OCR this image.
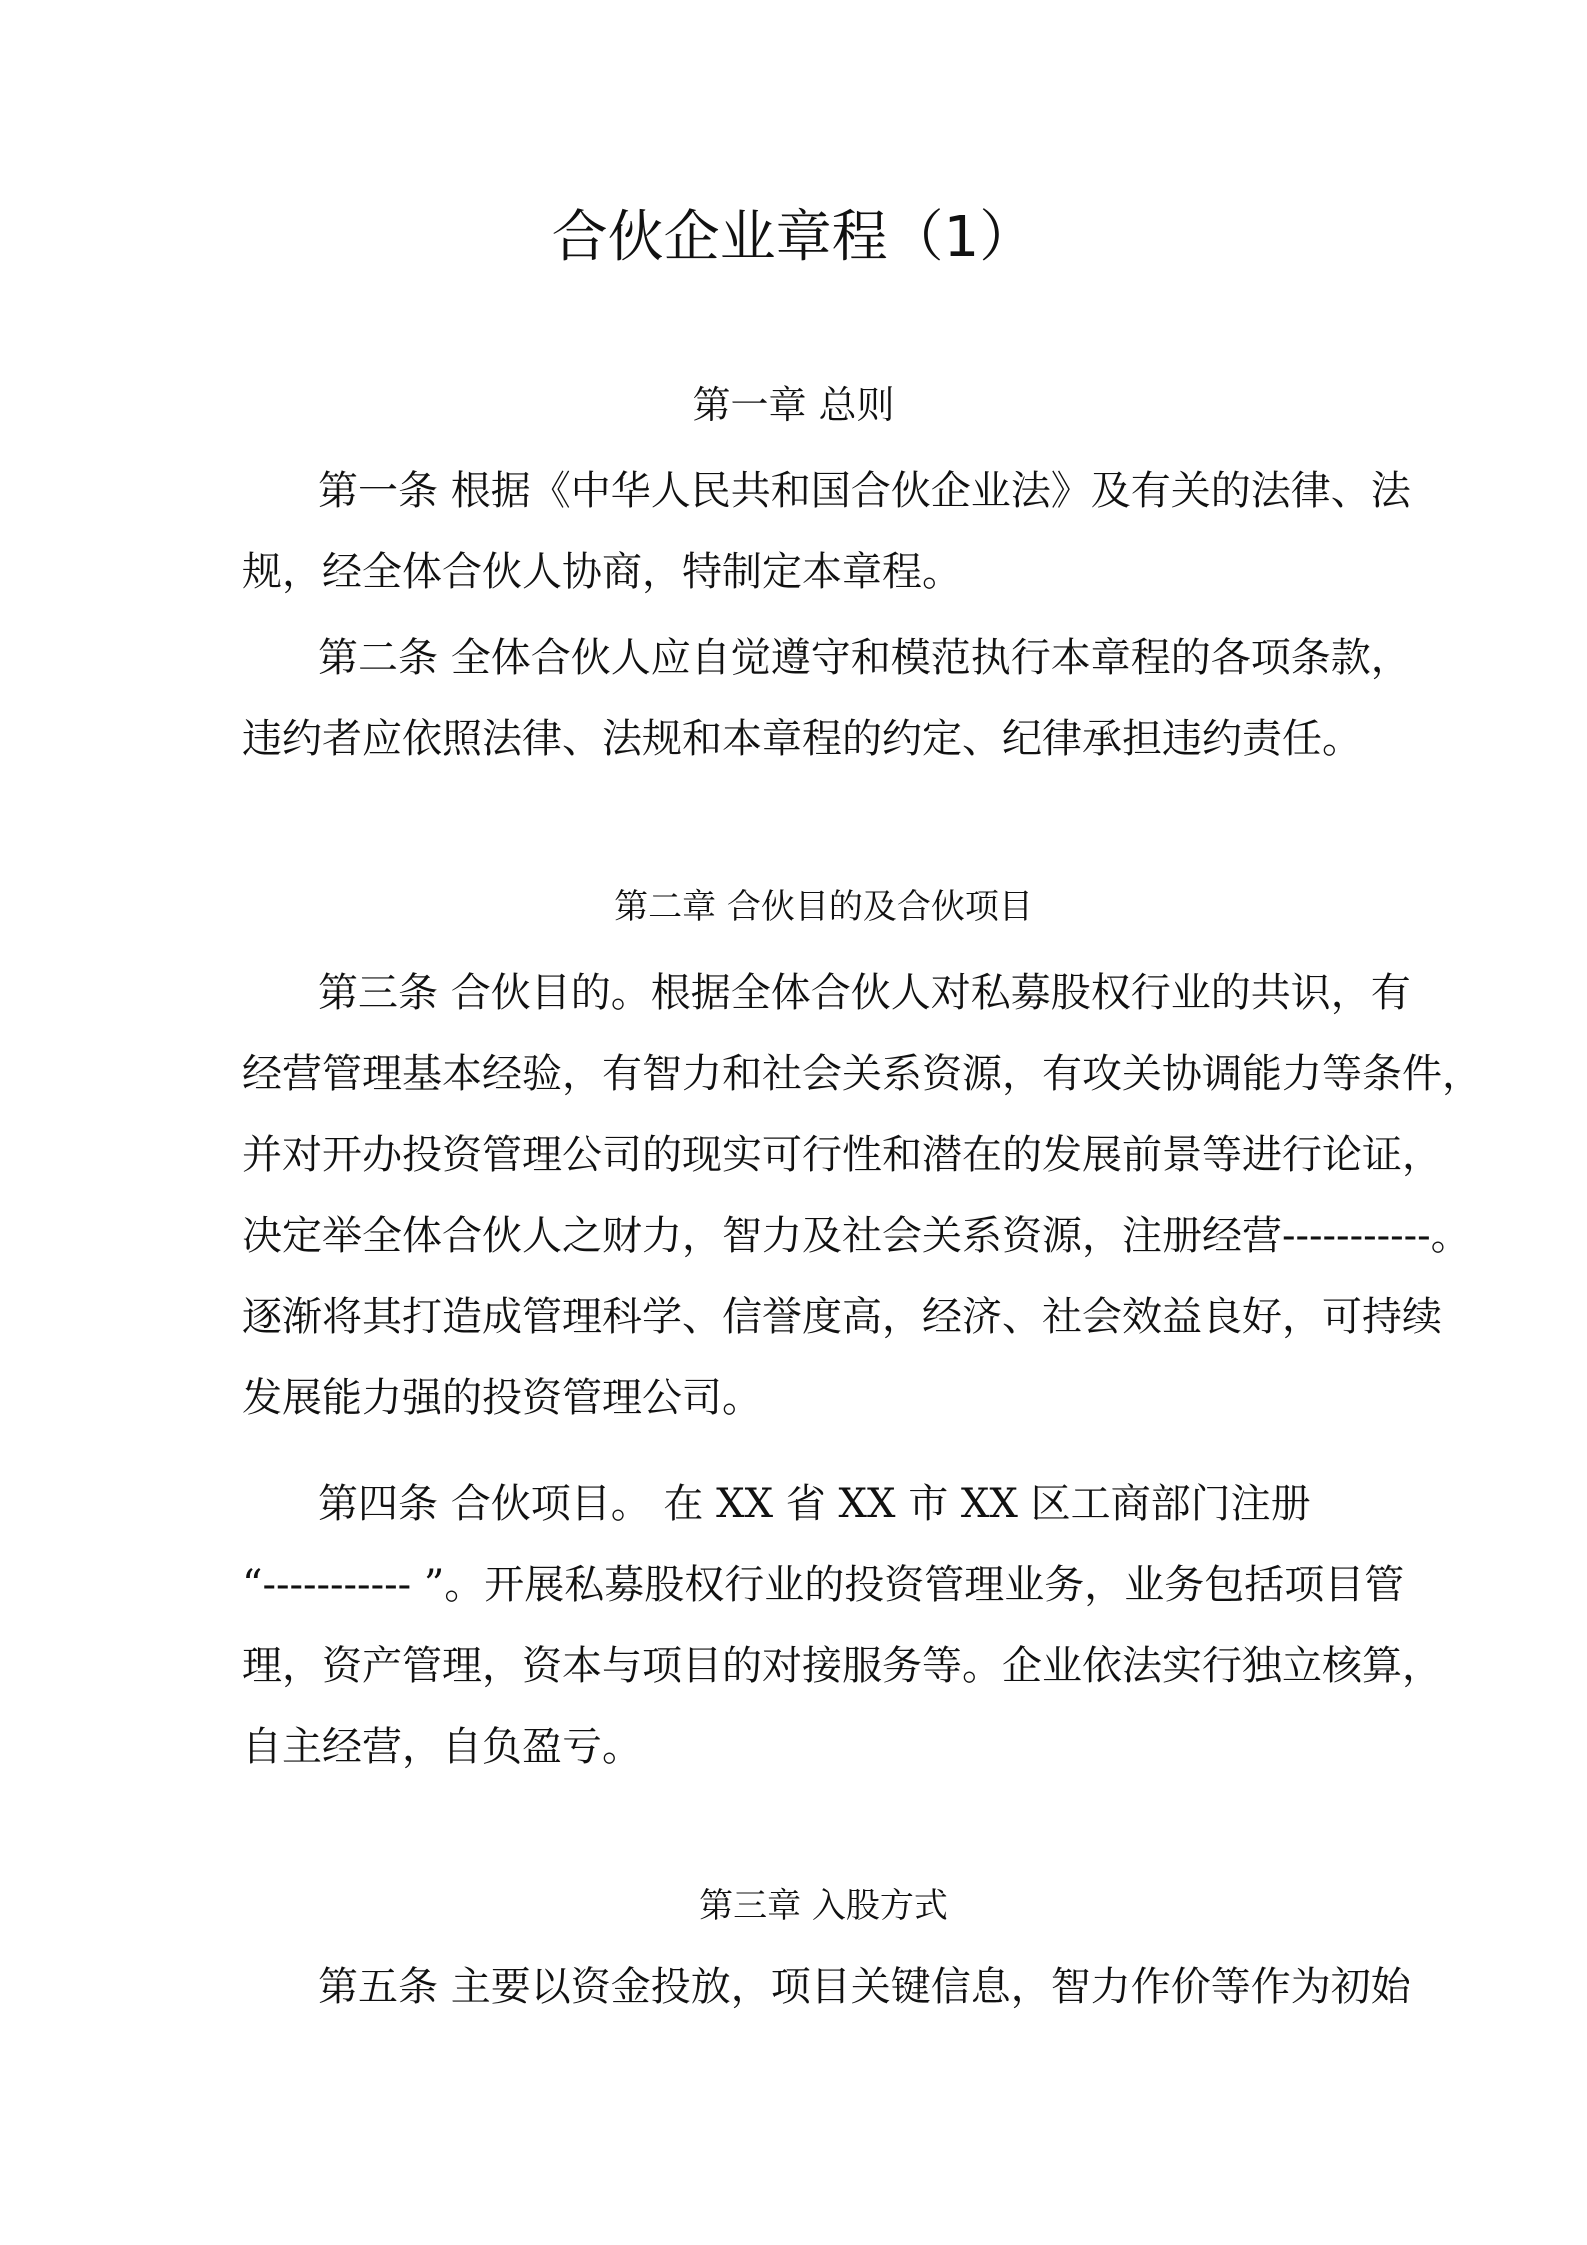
合伙企业章程（1）
第一章 总则
第一条 根据《中华人民共和国合伙企业法》及有关的法律、法
规，经全体合伙人协商，特制定本章程。
第二条 全体合伙人应自觉遵守和模范执行本章程的各项条款，
违约者应依照法律、法规和本章程的约定、纪律承担违约责任。
第二章 合伙目的及合伙项目
第三条 合伙目的。根据全体合伙人对私募股权行业的共识，有
经营管理基本经验，有智力和社会关系资源，有攻关协调能力等条件，
并对开办投资管理公司的现实可行性和潜在的发展前景等进行论证，
决定举全体合伙人之财力，智力及社会关系资源，注册经营-----------。
逐渐将其打造成管理科学、信誉度高，经济、社会效益良好，可持续
发展能力强的投资管理公司。
第四条 合伙项目。 在 XX 省 XX 市 XX 区工商部门注册
“----------- ”。开展私募股权行业的投资管理业务，业务包括项目管
理，资产管理，资本与项目的对接服务等。企业依法实行独立核算，
自主经营，自负盈亏。
第三章 入股方式
第五条 主要以资金投放，项目关键信息，智力作价等作为初始
